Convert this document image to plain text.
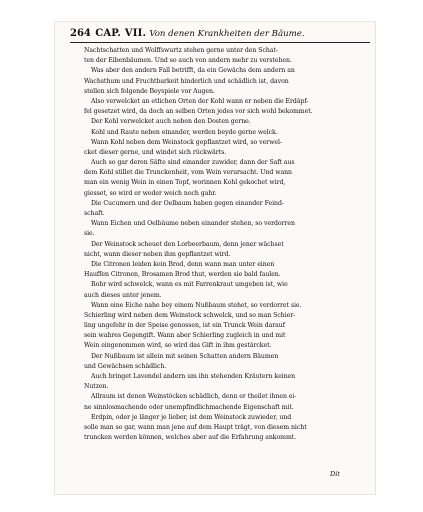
264 CAP. VII. Von denen Krankheiten der Bäume.
Nachtschatten und Wolffswurtz stehen gerne unter den Schat-
ten der Eibenbäumen. Und so auch von andern mehr zu verstehen.
Was aber den andern Fall betrifft, da ein Gewächs dem andern an
Wachsthum und Fruchtbarkeit hinderlich und schädlich ist, davon
stellen sich folgende Beyspiele vor Augen.
Also verwelcket an etlichen Orten der Kohl wann er neben die Erdäpf-
fel gesetzet wird, da doch an selben Orten jedes vor sich wohl bekommet.
Der Kohl verwelcket auch neben den Dosten gerne.
Kohl und Raute neben einander, werden beyde gerne welck.
Wann Kohl neben dem Weinstock gepflantzet wird, so verwel-
cket dieser gerne, und windet sich rückwärts.
Auch so gar deren Säfte sind einander zuwider, dann der Saft aus
dem Kohl stillet die Trunckenheit, vom Wein verursacht. Und wann
man ein wenig Wein in einen Topf, worinnen Kohl gekochet wird,
giesset, so wird er weder weich noch gahr.
Die Cucumern und der Oelbaum haben gegen einander Feind-
schaft.
Wann Eichen und Oelbäume neben einander stehen, so verdorren
sie.
Der Weinstock scheuet den Lorbeerbaum, denn jener wächset
nicht, wann dieser neben ihm gepflantzet wird.
Die Citronen leiden kein Brod, denn wann man unter einen
Hauffen Citronen, Brosamen Brod thut, werden sie bald faulen.
Rohr wird schwelck, wann es mit Farrenkraut umgeben ist, wie
auch dieses unter jenem.
Wann eine Eiche nahe bey einem Nußbaum stehet, so verdorret sie.
Schierling wird neben dem Weinstock schwelck, und so man Schier-
ling ungefehr in der Speise genossen, ist ein Trunck Wein darauf
sein wahres Gegengift. Wann aber Schierling zugleich in und mit
Wein eingenommen wird, so wird das Gift in ihm gestärcket.
Der Nußbaum ist allein mit seinen Schatten andern Bäumen
und Gewächsen schädlich.
Auch bringet Lavendel andern um ihn stehenden Kräutern keinen
Nutzen.
Allraum ist denen Weinstöcken schädlich, denn er theilet ihnen ei-
ne sinnlosmachende oder unempfindlichmachende Eigenschaft mit.
Erdpin, oder je länger je lieber, ist dem Weinstock zuwieder, und
solle man so gar, wann man jene auf dem Haupt trägt, von diesem nicht
truncken werden können, welches aber auf die Erfahrung ankommt.
Dit
